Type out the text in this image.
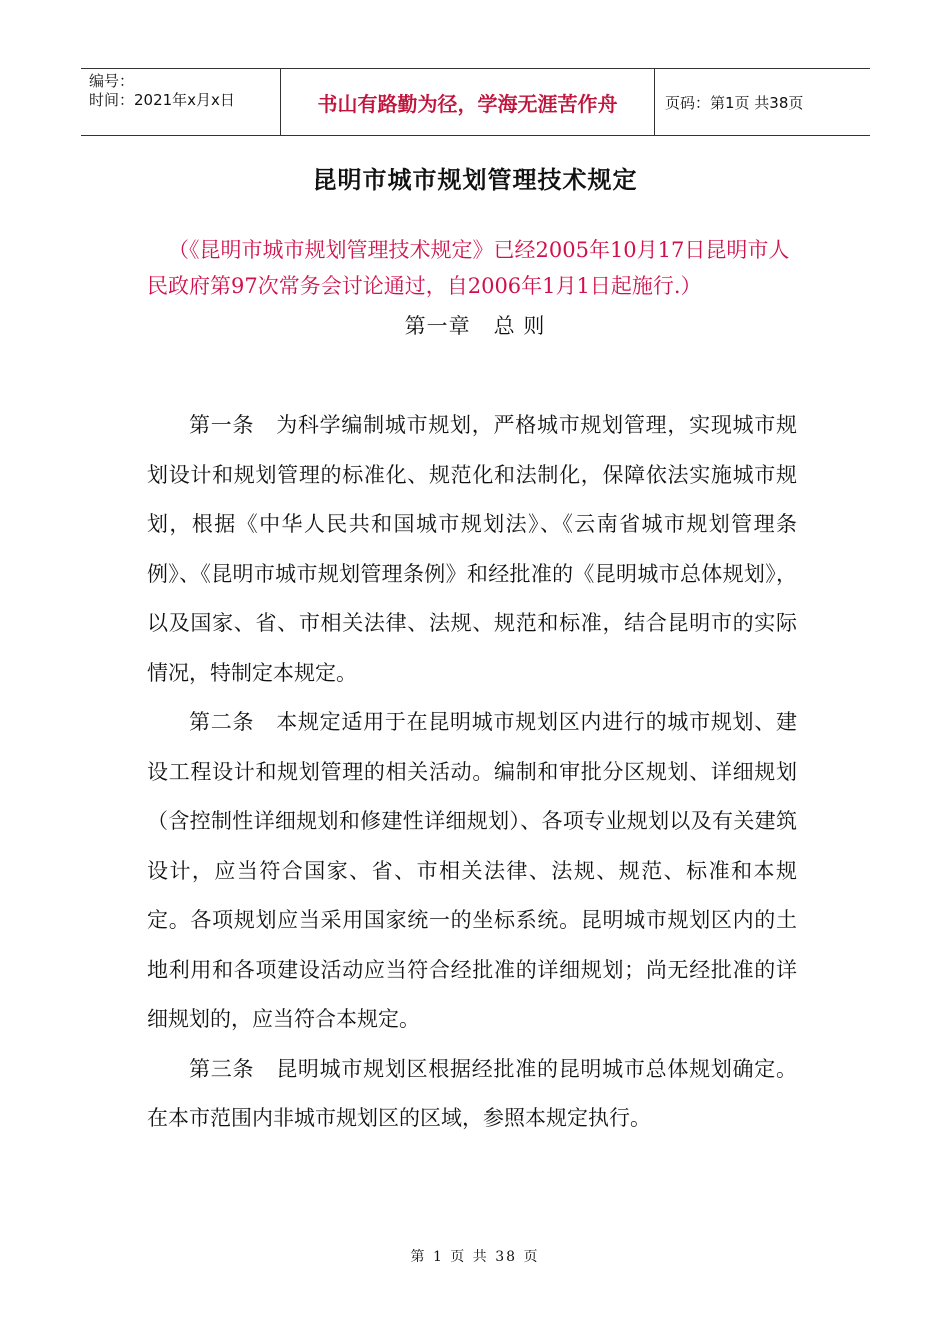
编号：
时间：2021年x月x日	书山有路勤为径，学海无涯苦作舟	页码：第1页 共38页
昆明市城市规划管理技术规定
（《昆明市城市规划管理技术规定》已经2005年10月17日昆明市人民政府第97次常务会讨论通过，自2006年1月1日起施行.）
第一章   总 则

第一条 为科学编制城市规划，严格城市规划管理，实现城市规划设计和规划管理的标准化、规范化和法制化，保障依法实施城市规划，根据《中华人民共和国城市规划法》、《云南省城市规划管理条例》、《昆明市城市规划管理条例》和经批准的《昆明城市总体规划》，以及国家、省、市相关法律、法规、规范和标准，结合昆明市的实际情况，特制定本规定。

第二条 本规定适用于在昆明城市规划区内进行的城市规划、建设工程设计和规划管理的相关活动。编制和审批分区规划、详细规划（含控制性详细规划和修建性详细规划）、各项专业规划以及有关建筑设计，应当符合国家、省、市相关法律、法规、规范、标准和本规定。各项规划应当采用国家统一的坐标系统。昆明城市规划区内的土地利用和各项建设活动应当符合经批准的详细规划；尚无经批准的详细规划的，应当符合本规定。

第三条 昆明城市规划区根据经批准的昆明城市总体规划确定。在本市范围内非城市规划区的区域，参照本规定执行。

第 1 页 共 38 页
